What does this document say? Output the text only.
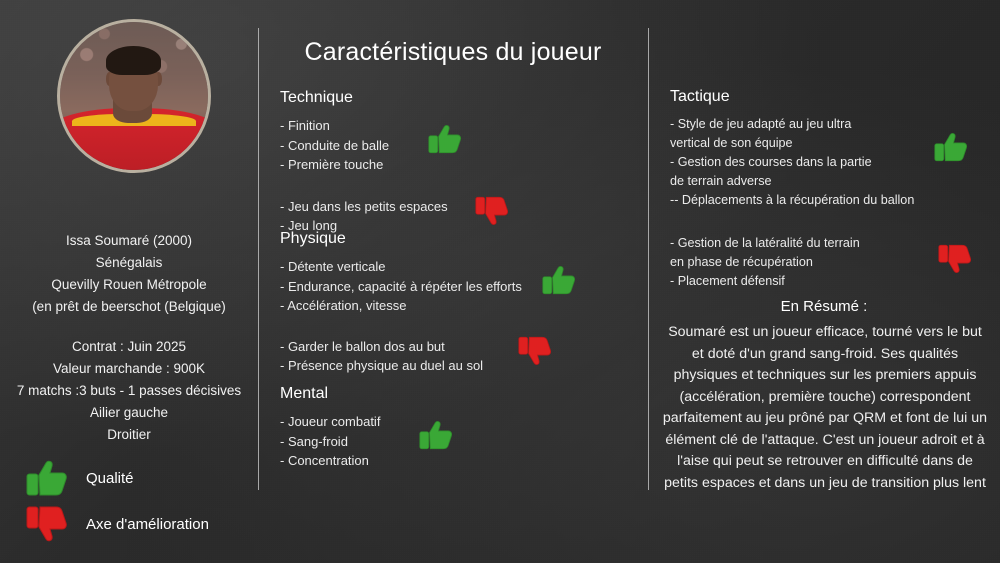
Issa Soumaré (2000)
Sénégalais
Quevilly Rouen Métropole
(en prêt de beerschot (Belgique)
Contrat : Juin 2025
Valeur marchande : 900K
7 matchs :3 buts - 1 passes décisives
Ailier gauche
Droitier
Qualité
Axe d'amélioration
Caractéristiques du joueur
Technique
- Finition
- Conduite de balle
- Première touche
- Jeu dans les petits espaces
- Jeu long
Physique
- Détente verticale
- Endurance, capacité à répéter les efforts
- Accélération, vitesse
- Garder le ballon dos au but
- Présence physique au duel au sol
Mental
- Joueur combatif
- Sang-froid
- Concentration
Tactique
- Style de jeu adapté au jeu ultra
vertical de son équipe
- Gestion des courses dans la partie
de terrain adverse
-- Déplacements à la récupération du ballon
- Gestion de la latéralité du terrain
en phase de récupération
- Placement défensif
En Résumé :
Soumaré est un joueur efficace, tourné vers le but et doté d'un grand sang-froid. Ses qualités physiques et techniques sur les premiers appuis (accélération, première touche) correspondent parfaitement au jeu prôné par QRM et font de lui un élément clé de l'attaque. C'est un joueur adroit et à l'aise qui peut se retrouver en difficulté dans de petits espaces et dans un jeu de transition plus lent
